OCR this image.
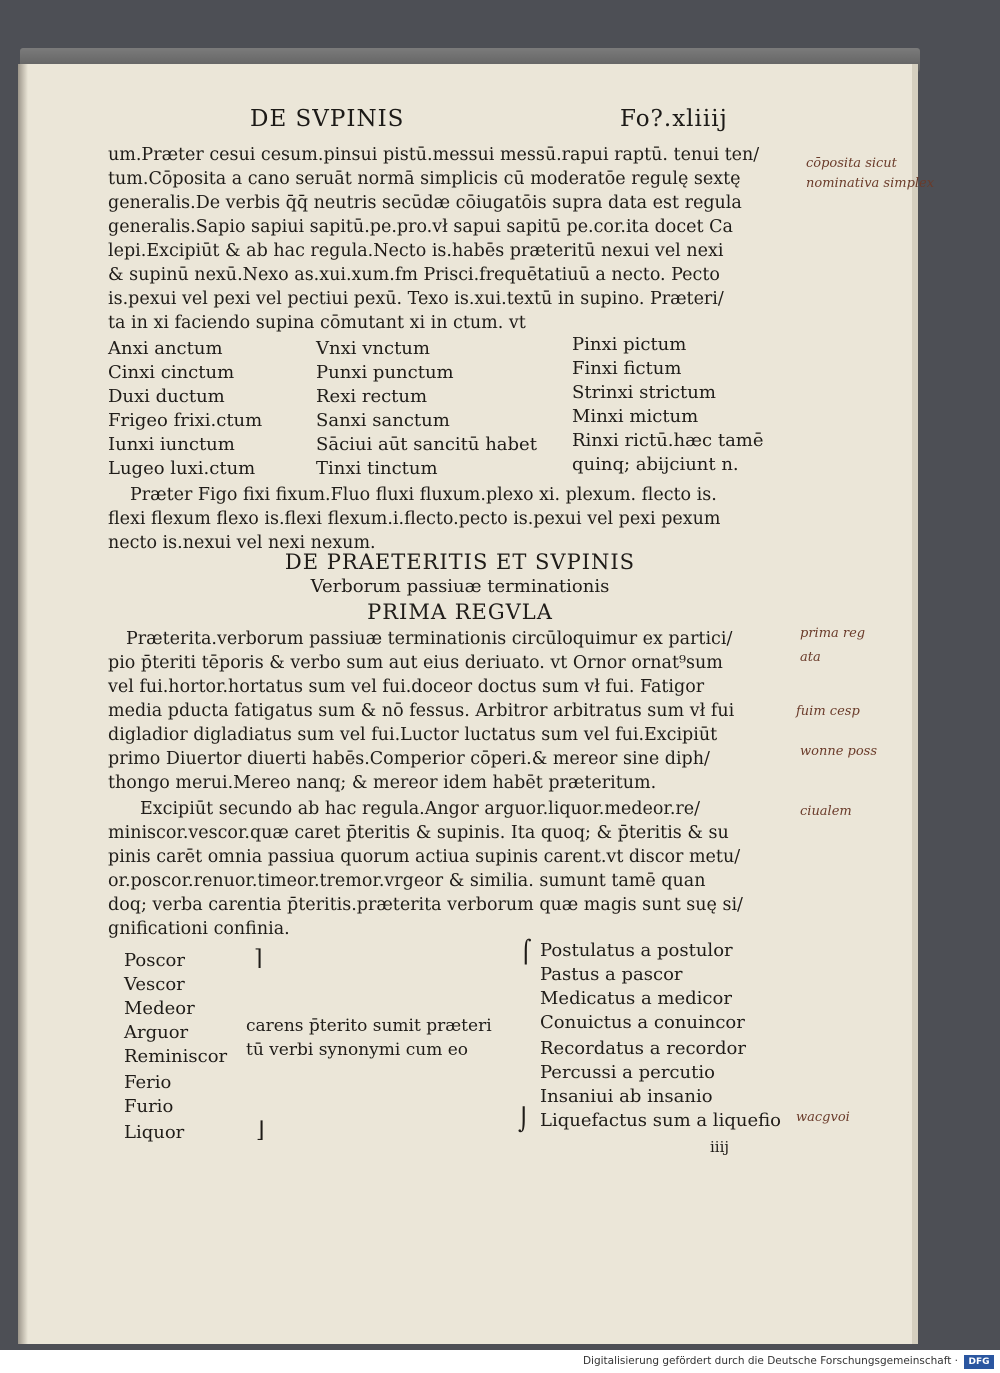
DE SVPINIS	Fo?.xliiij
um.Præter cesui cesum.pinsui pistū.messui messū.rapui raptū. tenui ten/
tum.Cōposita a cano seruāt normā simplicis cū moderatōe regulę sextę
generalis.De verbis q̄q̄ neutris secūdæ cōiugatōis supra data est regula
generalis.Sapio sapiui sapitū.pe.pro.vł sapui sapitū pe.cor.ita docet Ca
lepi.Excipiūt & ab hac regula.Necto is.habēs præteritū nexui vel nexi
& supinū nexū.Nexo as.xui.xum.fm Prisci.frequētatiuū a necto. Pecto
is.pexui vel pexi vel pectiui pexū. Texo is.xui.textū in supino. Præteri/
ta in xi faciendo supina cōmutant xi in ctum. vt
Anxi anctum
Cinxi cinctum
Duxi ductum
Frigeo frixi.ctum
Iunxi iunctum
Lugeo luxi.ctum
Vnxi vnctum
Punxi punctum
Rexi rectum
Sanxi sanctum
Sāciui aūt sancitū habet
Tinxi tinctum
Pinxi pictum
Finxi fictum
Strinxi strictum
Minxi mictum
Rinxi rictū.hæc tamē
quinq; abijciunt n.
Præter Figo fixi fixum.Fluo fluxi fluxum.plexo xi. plexum. flecto is.
flexi flexum flexo is.flexi flexum.i.flecto.pecto is.pexui vel pexi pexum
necto is.nexui vel nexi nexum.
DE PRAETERITIS ET SVPINIS
Verborum passiuæ terminationis
PRIMA REGVLA
Præterita.verborum passiuæ terminationis circūloquimur ex partici/
pio p̄teriti tēporis & verbo sum aut eius deriuato. vt Ornor ornat⁹sum
vel fui.hortor.hortatus sum vel fui.doceor doctus sum vł fui. Fatigor
media pducta fatigatus sum & nō fessus. Arbitror arbitratus sum vł fui
digladior digladiatus sum vel fui.Luctor luctatus sum vel fui.Excipiūt
primo Diuertor diuerti habēs.Comperior cōperi.& mereor sine diph/
thongo merui.Mereo nanq; & mereor idem habēt præteritum.
Excipiūt secundo ab hac regula.Angor arguor.liquor.medeor.re/
miniscor.vescor.quæ caret p̄teritis & supinis. Ita quoq; & p̄teritis & su
pinis carēt omnia passiua quorum actiua supinis carent.vt discor metu/
or.poscor.renuor.timeor.tremor.vrgeor & similia. sumunt tamē quan
doq; verba carentia p̄teritis.præterita verborum quæ magis sunt suę si/
gnificationi confinia.
Poscor
Vescor
Medeor
Arguor
Reminiscor
Ferio
Furio
Liquor
⌉
carens p̄terito sumit præteri
tū verbi synonymi cum eo
⌋
⌠ Postulatus a postulor
Pastus a pascor
Medicatus a medicor
Conuictus a conuincor
Recordatus a recordor
Percussi a percutio
Insaniui ab insanio
⌡ Liquefactus sum a liquefio
iiij
cōposita sicut
nominativa simplex
prima reg
ata
fuim cesp
wonne poss
ciualem
wacgvoi
Digitalisierung gefördert durch die Deutsche Forschungsgemeinschaft ·	DFG
